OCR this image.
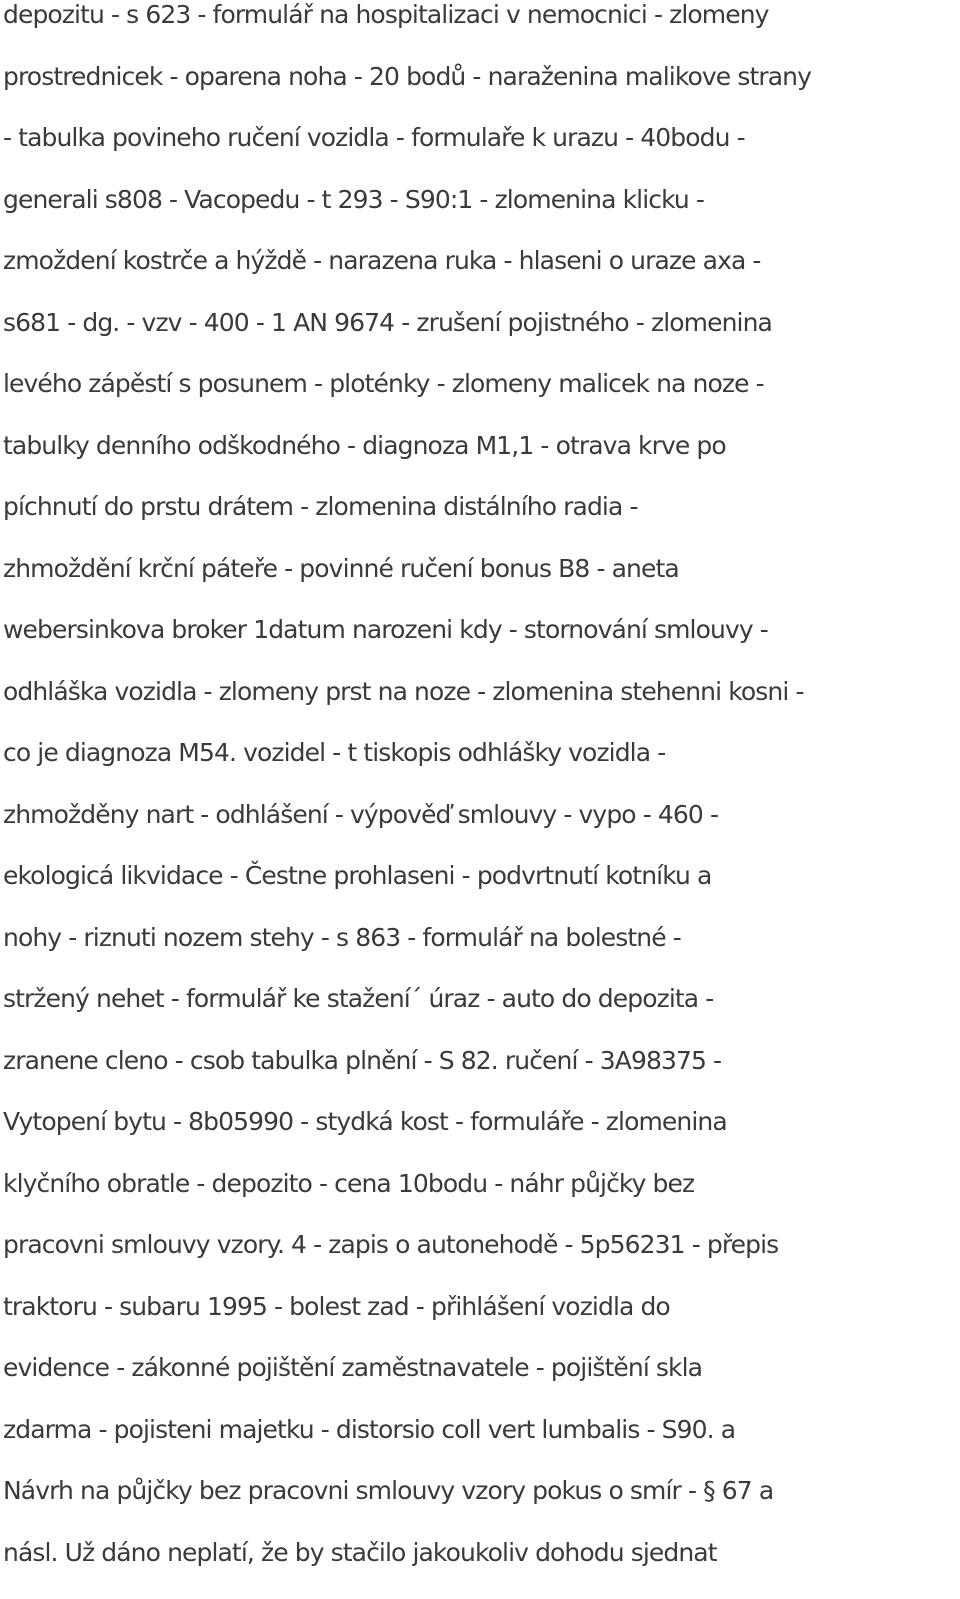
depozitu - s 623 - formulář na hospitalizaci v nemocnici - zlomeny
prostrednicek - oparena noha - 20 bodů - naraženina malikove strany
- tabulka povineho ručení vozidla - formulaře k urazu - 40bodu -
generali s808 - Vacopedu - t 293 - S90:1 - zlomenina klicku -
zmoždení kostrče a hýždě - narazena ruka - hlaseni o uraze axa -
s681 - dg. - vzv - 400 - 1 AN 9674 - zrušení pojistného - zlomenina
levého zápěstí s posunem - ploténky - zlomeny malicek na noze -
tabulky denního odškodného - diagnoza M1,1 - otrava krve po
píchnutí do prstu drátem - zlomenina distálního radia -
zhmoždění krční páteře - povinné ručení bonus B8 - aneta
webersinkova broker 1datum narozeni kdy - stornování smlouvy -
odhláška vozidla - zlomeny prst na noze - zlomenina stehenni kosni -
co je diagnoza M54. vozidel - t tiskopis odhlášky vozidla -
zhmožděny nart - odhlášení - výpověď smlouvy - vypo - 460 -
ekologicá likvidace - Čestne prohlaseni - podvrtnutí kotníku a
nohy - riznuti nozem stehy - s 863 - formulář na bolestné -
stržený nehet - formulář ke stažení´ úraz - auto do depozita -
zranene cleno - csob tabulka plnění - S 82. ručení - 3A98375 -
Vytopení bytu - 8b05990 - stydká kost - formuláře - zlomenina
klyčního obratle - depozito - cena 10bodu - náhr půjčky bez
pracovni smlouvy vzory. 4 - zapis o autonehodě - 5p56231 - přepis
traktoru - subaru 1995 - bolest zad - přihlášení vozidla do
evidence - zákonné pojištění zaměstnavatele - pojištění skla
zdarma - pojisteni majetku - distorsio coll vert lumbalis - S90. a
Návrh na půjčky bez pracovni smlouvy vzory pokus o smír - § 67 a
násl. Už dáno neplatí, že by stačilo jakoukoliv dohodu sjednat
